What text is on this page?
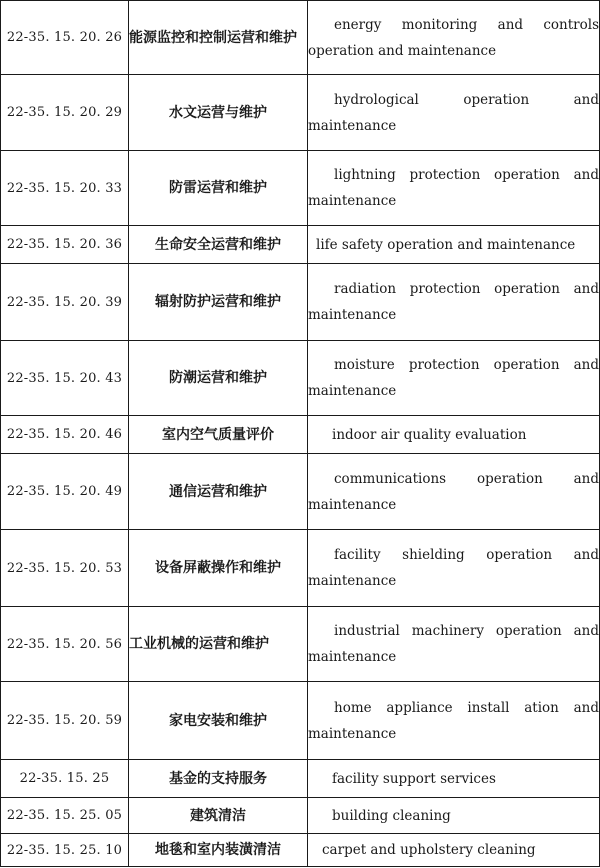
22-35. 15. 20. 26	能源监控和控制运营和维护	energy monitoring and controls operation and maintenance
22-35. 15. 20. 29	水文运营与维护	hydrological operation and maintenance
22-35. 15. 20. 33	防雷运营和维护	lightning protection operation and maintenance
22-35. 15. 20. 36	生命安全运营和维护	life safety operation and maintenance
22-35. 15. 20. 39	辐射防护运营和维护	radiation protection operation and maintenance
22-35. 15. 20. 43	防潮运营和维护	moisture protection operation and maintenance
22-35. 15. 20. 46	室内空气质量评价	indoor air quality evaluation
22-35. 15. 20. 49	通信运营和维护	communications operation and maintenance
22-35. 15. 20. 53	设备屏蔽操作和维护	facility shielding operation and maintenance
22-35. 15. 20. 56	工业机械的运营和维护	industrial machinery operation and maintenance
22-35. 15. 20. 59	家电安装和维护	home appliance install ation and maintenance
22-35. 15. 25	基金的支持服务	facility support services
22-35. 15. 25. 05	建筑清洁	building cleaning
22-35. 15. 25. 10	地毯和室内装潢清洁	carpet and upholstery cleaning
